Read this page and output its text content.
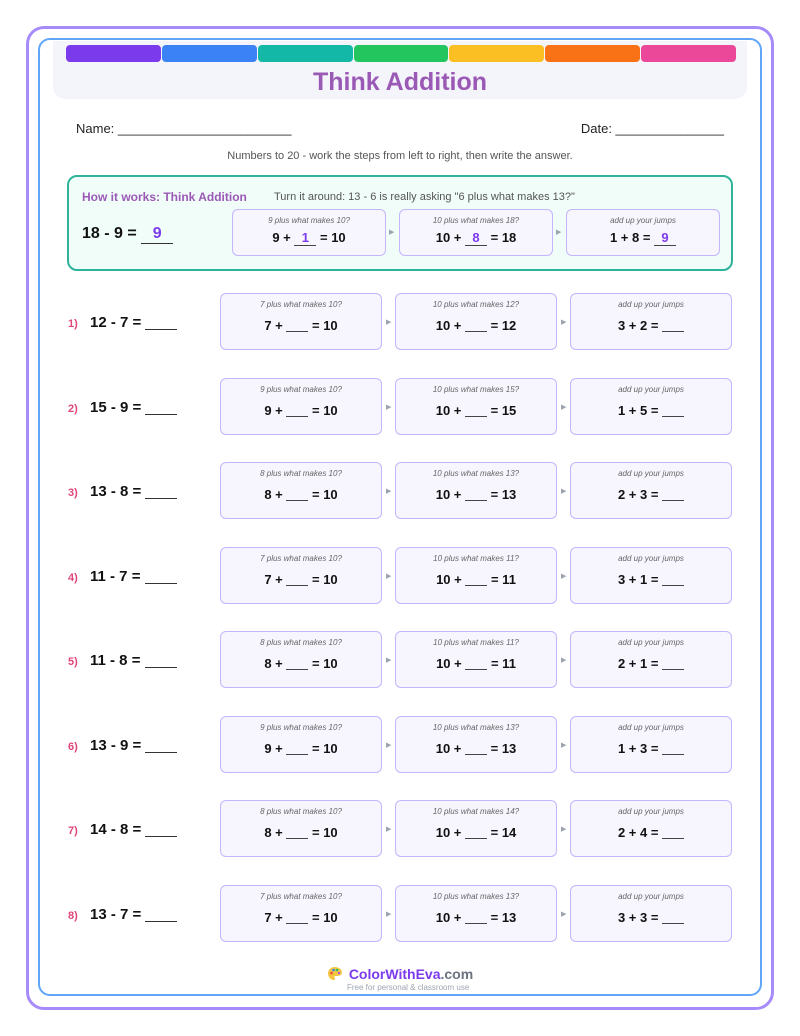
Think Addition
Name: ________________________	Date: _______________
Numbers to 20 - work the steps from left to right, then write the answer.
How it works: Think Addition Turn it around: 13 - 6 is really asking "6 plus what makes 13?"
18 - 9 = 9
9 plus what makes 10?
9 + 1 = 10	▶
10 plus what makes 18?
10 + 8 = 18	▶
add up your jumps
1 + 8 = 9
1) 12 - 7 =
7 plus what makes 10?
7 +  = 10	▶
10 plus what makes 12?
10 +  = 12	▶
add up your jumps
3 + 2 =
2) 15 - 9 =
9 plus what makes 10?
9 +  = 10	▶
10 plus what makes 15?
10 +  = 15	▶
add up your jumps
1 + 5 =
3) 13 - 8 =
8 plus what makes 10?
8 +  = 10	▶
10 plus what makes 13?
10 +  = 13	▶
add up your jumps
2 + 3 =
4) 11 - 7 =
7 plus what makes 10?
7 +  = 10	▶
10 plus what makes 11?
10 +  = 11	▶
add up your jumps
3 + 1 =
5) 11 - 8 =
8 plus what makes 10?
8 +  = 10	▶
10 plus what makes 11?
10 +  = 11	▶
add up your jumps
2 + 1 =
6) 13 - 9 =
9 plus what makes 10?
9 +  = 10	▶
10 plus what makes 13?
10 +  = 13	▶
add up your jumps
1 + 3 =
7) 14 - 8 =
8 plus what makes 10?
8 +  = 10	▶
10 plus what makes 14?
10 +  = 14	▶
add up your jumps
2 + 4 =
8) 13 - 7 =
7 plus what makes 10?
7 +  = 10	▶
10 plus what makes 13?
10 +  = 13	▶
add up your jumps
3 + 3 =
ColorWithEva.com
Free for personal & classroom use
